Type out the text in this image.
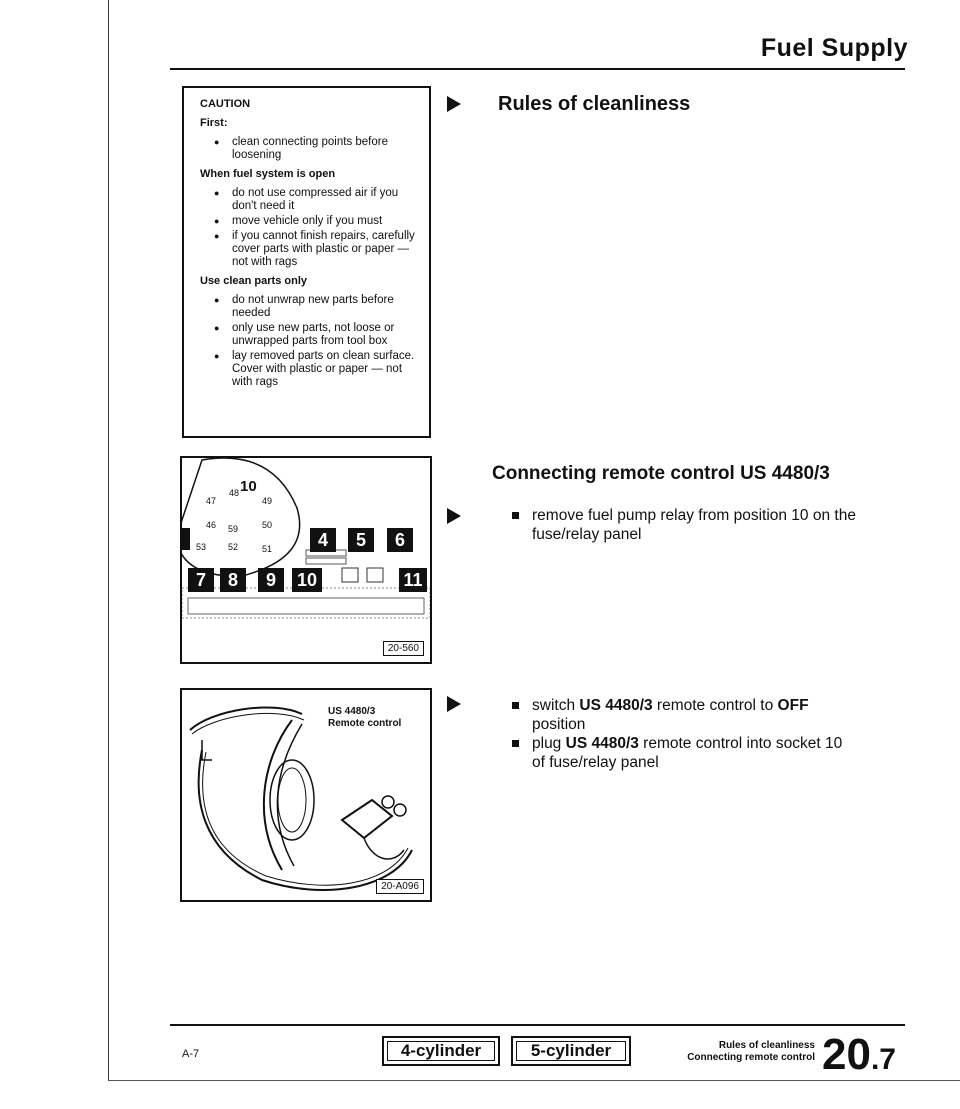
Fuel Supply
CAUTION
First:
● clean connecting points before loosening
When fuel system is open
● do not use compressed air if you don't need it
● move vehicle only if you must
● if you cannot finish repairs, carefully cover parts with plastic or paper — not with rags
Use clean parts only
● do not unwrap new parts before needed
● only use new parts, not loose or unwrapped parts from tool box
● lay removed parts on clean surface. Cover with plastic or paper — not with rags
Rules of cleanliness
Connecting remote control US 4480/3
remove fuel pump relay from position 10 on the fuse/relay panel
switch US 4480/3 remote control to OFF position
plug US 4480/3 remote control into socket 10 of fuse/relay panel
4	5	6
7	8	9	10	11
10
47
48
49
46 59	50
53 52	51
20-560
US 4480/3
Remote control
20-A096
A-7	4-cylinder	5-cylinder	Rules of cleanliness
Connecting remote control 20.7
